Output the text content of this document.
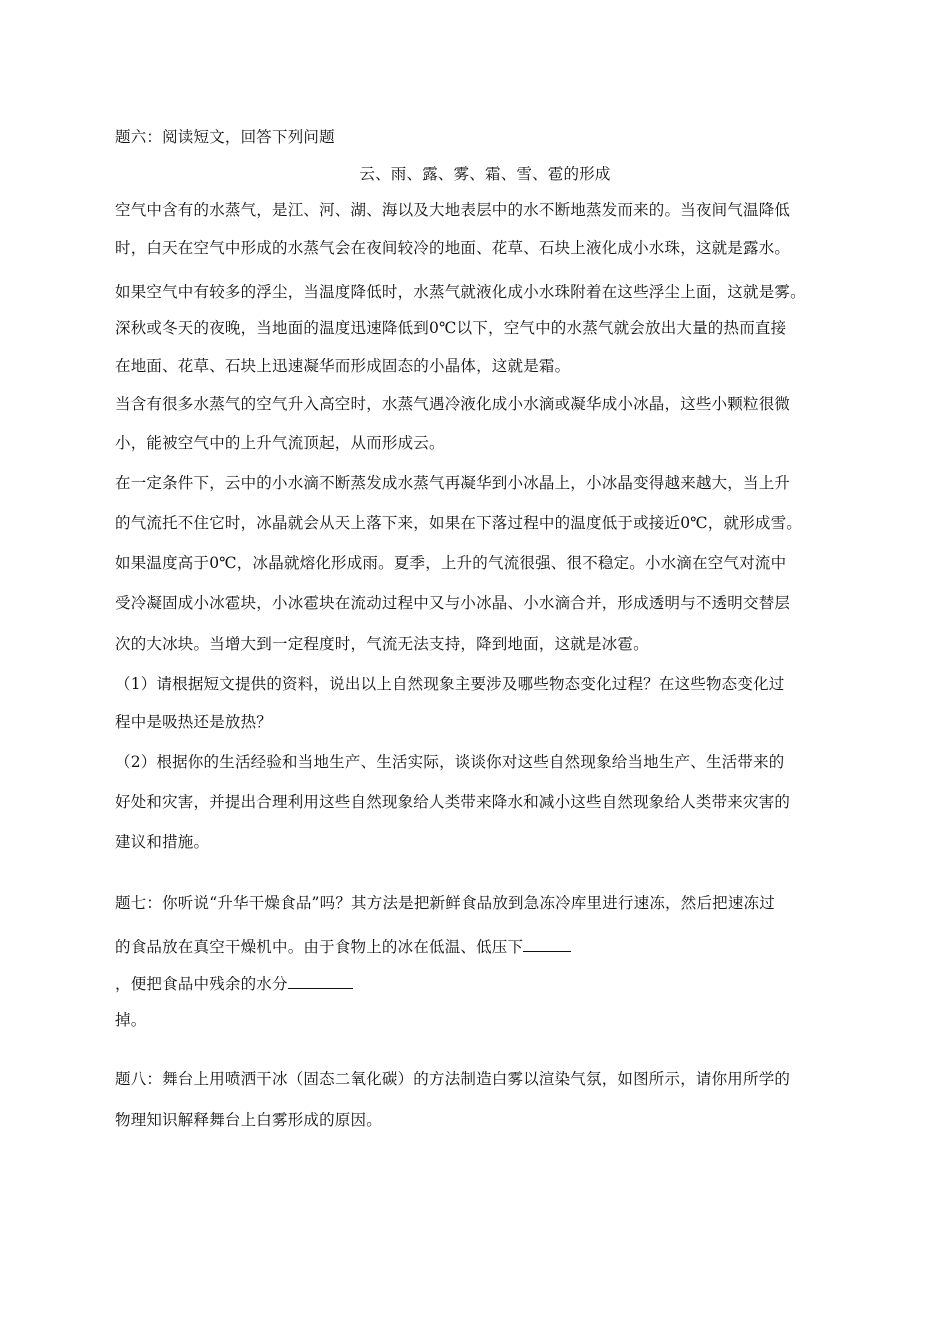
题六：阅读短文，回答下列问题
云、雨、露、雾、霜、雪、雹的形成
空气中含有的水蒸气，是江、河、湖、海以及大地表层中的水不断地蒸发而来的。当夜间气温降低
时，白天在空气中形成的水蒸气会在夜间较冷的地面、花草、石块上液化成小水珠，这就是露水。
如果空气中有较多的浮尘，当温度降低时，水蒸气就液化成小水珠附着在这些浮尘上面，这就是雾。
深秋或冬天的夜晚，当地面的温度迅速降低到0℃以下，空气中的水蒸气就会放出大量的热而直接
在地面、花草、石块上迅速凝华而形成固态的小晶体，这就是霜。
当含有很多水蒸气的空气升入高空时，水蒸气遇冷液化成小水滴或凝华成小冰晶，这些小颗粒很微
小，能被空气中的上升气流顶起，从而形成云。
在一定条件下，云中的小水滴不断蒸发成水蒸气再凝华到小冰晶上，小冰晶变得越来越大，当上升
的气流托不住它时，冰晶就会从天上落下来，如果在下落过程中的温度低于或接近0℃，就形成雪。
如果温度高于0℃，冰晶就熔化形成雨。夏季，上升的气流很强、很不稳定。小水滴在空气对流中
受冷凝固成小冰雹块，小冰雹块在流动过程中又与小冰晶、小水滴合并，形成透明与不透明交替层
次的大冰块。当增大到一定程度时，气流无法支持，降到地面，这就是冰雹。
（1）请根据短文提供的资料，说出以上自然现象主要涉及哪些物态变化过程？在这些物态变化过
程中是吸热还是放热？
（2）根据你的生活经验和当地生产、生活实际，谈谈你对这些自然现象给当地生产、生活带来的
好处和灾害，并提出合理利用这些自然现象给人类带来降水和减小这些自然现象给人类带来灾害的
建议和措施。
题七：你听说“升华干燥食品”吗？其方法是把新鲜食品放到急冻冷库里进行速冻，然后把速冻过
的食品放在真空干燥机中。由于食物上的冰在低温、低压下
，便把食品中残余的水分
掉。
题八：舞台上用喷洒干冰（固态二氧化碳）的方法制造白雾以渲染气氛，如图所示，请你用所学的
物理知识解释舞台上白雾形成的原因。
